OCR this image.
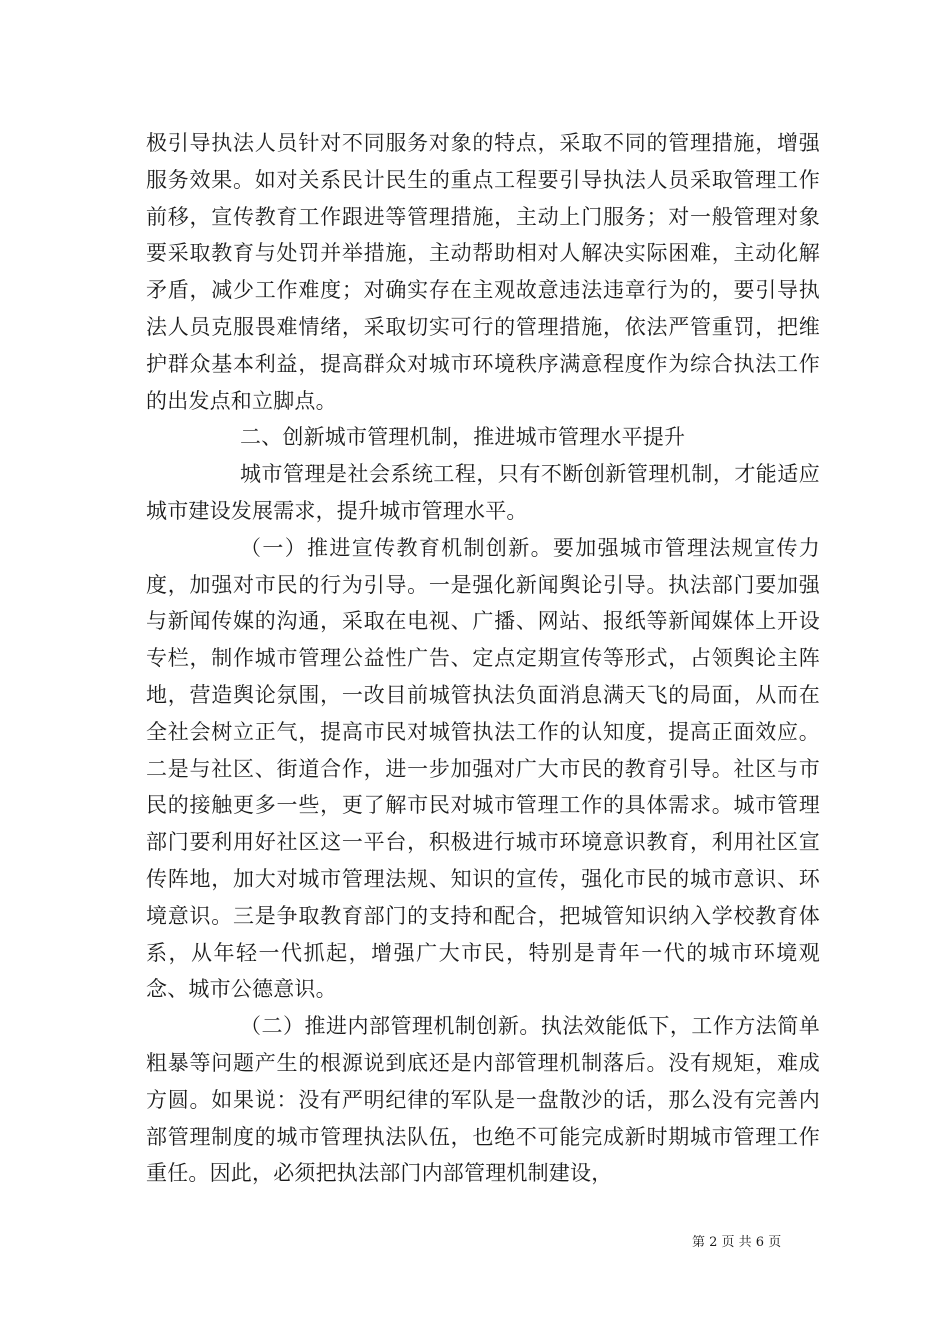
极引导执法人员针对不同服务对象的特点，采取不同的管理措施，增强服务效果。如对关系民计民生的重点工程要引导执法人员采取管理工作前移，宣传教育工作跟进等管理措施，主动上门服务；对一般管理对象要采取教育与处罚并举措施，主动帮助相对人解决实际困难，主动化解矛盾，减少工作难度；对确实存在主观故意违法违章行为的，要引导执法人员克服畏难情绪，采取切实可行的管理措施，依法严管重罚，把维护群众基本利益，提高群众对城市环境秩序满意程度作为综合执法工作的出发点和立脚点。

二、创新城市管理机制，推进城市管理水平提升

城市管理是社会系统工程，只有不断创新管理机制，才能适应城市建设发展需求，提升城市管理水平。

（一）推进宣传教育机制创新。要加强城市管理法规宣传力度，加强对市民的行为引导。一是强化新闻舆论引导。执法部门要加强与新闻传媒的沟通，采取在电视、广播、网站、报纸等新闻媒体上开设专栏，制作城市管理公益性广告、定点定期宣传等形式，占领舆论主阵地，营造舆论氛围，一改目前城管执法负面消息满天飞的局面，从而在全社会树立正气，提高市民对城管执法工作的认知度，提高正面效应。二是与社区、街道合作，进一步加强对广大市民的教育引导。社区与市民的接触更多一些，更了解市民对城市管理工作的具体需求。城市管理部门要利用好社区这一平台，积极进行城市环境意识教育，利用社区宣传阵地，加大对城市管理法规、知识的宣传，强化市民的城市意识、环境意识。三是争取教育部门的支持和配合，把城管知识纳入学校教育体系，从年轻一代抓起，增强广大市民，特别是青年一代的城市环境观念、城市公德意识。

（二）推进内部管理机制创新。执法效能低下，工作方法简单粗暴等问题产生的根源说到底还是内部管理机制落后。没有规矩，难成方圆。如果说：没有严明纪律的军队是一盘散沙的话，那么没有完善内部管理制度的城市管理执法队伍，也绝不可能完成新时期城市管理工作重任。因此，必须把执法部门内部管理机制建设，

第 2 页 共 6 页
